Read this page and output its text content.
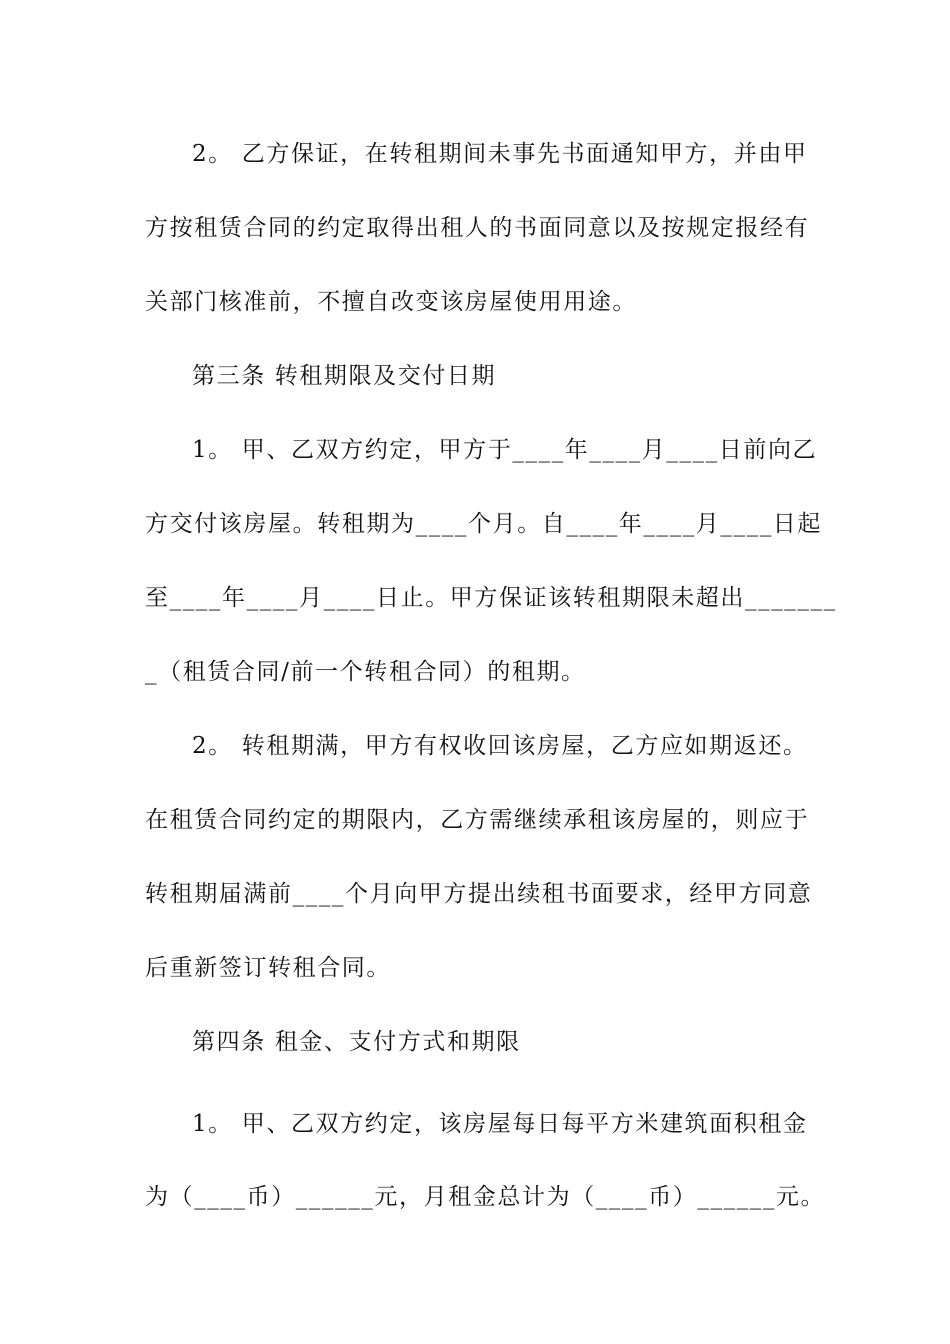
2。 乙方保证，在转租期间未事先书面通知甲方，并由甲
方按租赁合同的约定取得出租人的书面同意以及按规定报经有
关部门核准前，不擅自改变该房屋使用用途。
第三条 转租期限及交付日期
1。 甲、乙双方约定，甲方于____年____月____日前向乙
方交付该房屋。转租期为____个月。自____年____月____日起
至____年____月____日止。甲方保证该转租期限未超出_______
_（租赁合同/前一个转租合同）的租期。
2。 转租期满，甲方有权收回该房屋，乙方应如期返还。
在租赁合同约定的期限内，乙方需继续承租该房屋的，则应于
转租期届满前____个月向甲方提出续租书面要求，经甲方同意
后重新签订转租合同。
第四条 租金、支付方式和期限
1。 甲、乙双方约定，该房屋每日每平方米建筑面积租金
为（____币）______元，月租金总计为（____币）______元。
